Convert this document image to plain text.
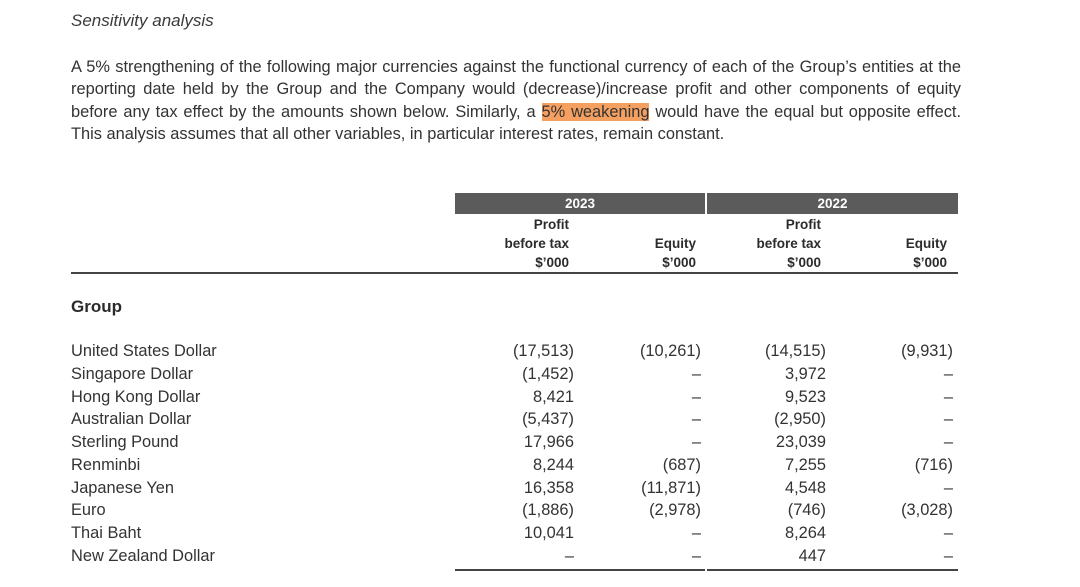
Sensitivity analysis
A 5% strengthening of the following major currencies against the functional currency of each of the Group’s entities at the reporting date held by the Group and the Company would (decrease)/increase profit and other components of equity before any tax effect by the amounts shown below. Similarly, a 5% weakening would have the equal but opposite effect. This analysis assumes that all other variables, in particular interest rates, remain constant.
2023	2022
Profit
before tax
$’000
Equity
$’000
Profit
before tax
$’000
Equity
$’000
Group
United States Dollar	(17,513)	(10,261)	(14,515)	(9,931)
Singapore Dollar	(1,452)	–	3,972	–
Hong Kong Dollar	8,421	–	9,523	–
Australian Dollar	(5,437)	–	(2,950)	–
Sterling Pound	17,966	–	23,039	–
Renminbi	8,244	(687)	7,255	(716)
Japanese Yen	16,358	(11,871)	4,548	–
Euro	(1,886)	(2,978)	(746)	(3,028)
Thai Baht	10,041	–	8,264	–
New Zealand Dollar	–	–	447	–
